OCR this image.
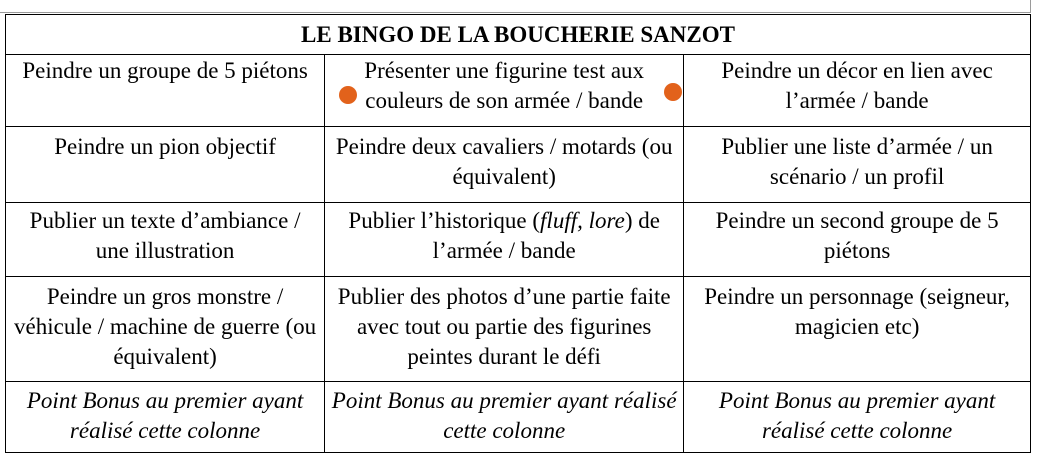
LE BINGO DE LA BOUCHERIE SANZOT		
Peindre un groupe de 5 piétons	Présenter une figurine test aux couleurs de son armée / bande	Peindre un décor en lien avec l’armée / bande
Peindre un pion objectif	Peindre deux cavaliers / motards (ou équivalent)	Publier une liste d’armée / un scénario / un profil
Publier un texte d’ambiance / une illustration	Publier l’historique (fluff, lore) de l’armée / bande	Peindre un second groupe de 5 piétons
Peindre un gros monstre / véhicule / machine de guerre (ou équivalent)	Publier des photos d’une partie faite avec tout ou partie des figurines peintes durant le défi	Peindre un personnage (seigneur, magicien etc)
Point Bonus au premier ayant réalisé cette colonne	Point Bonus au premier ayant réalisé cette colonne	Point Bonus au premier ayant réalisé cette colonne
